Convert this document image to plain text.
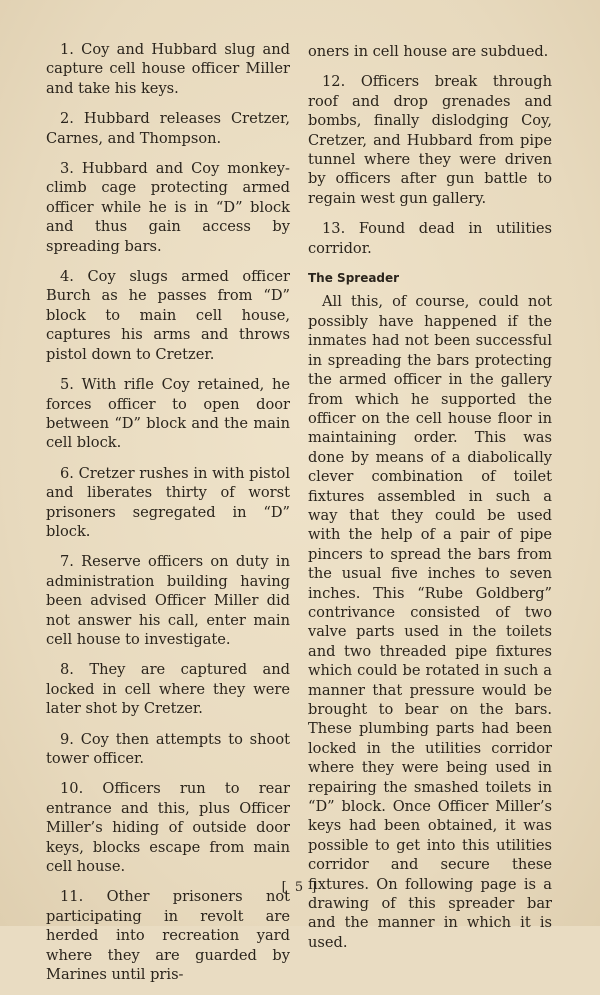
1. Coy and Hubbard slug and capture cell house officer Miller and take his keys.

2. Hubbard releases Cretzer, Carnes, and Thompson.

3. Hubbard and Coy monkey-climb cage protecting armed officer while he is in “D” block and thus gain access by spreading bars.

4. Coy slugs armed officer Burch as he passes from “D” block to main cell house, captures his arms and throws pistol down to Cretzer.

5. With rifle Coy retained, he forces officer to open door between “D” block and the main cell block.

6. Cretzer rushes in with pistol and liberates thirty of worst prisoners segregated in “D” block.

7. Reserve officers on duty in administration building having been advised Officer Miller did not answer his call, enter main cell house to investigate.

8. They are captured and locked in cell where they were later shot by Cretzer.

9. Coy then attempts to shoot tower officer.

10. Officers run to rear entrance and this, plus Officer Miller’s hiding of outside door keys, blocks escape from main cell house.

11. Other prisoners not participating in revolt are herded into recreation yard where they are guarded by Marines until pris-

oners in cell house are subdued.

12. Officers break through roof and drop grenades and bombs, finally dislodging Coy, Cretzer, and Hubbard from pipe tunnel where they were driven by officers after gun battle to regain west gun gallery.

13. Found dead in utilities corridor.

The Spreader

All this, of course, could not possibly have happened if the inmates had not been successful in spreading the bars protecting the armed officer in the gallery from which he supported the officer on the cell house floor in maintaining order. This was done by means of a diabolically clever combination of toilet fixtures assembled in such a way that they could be used with the help of a pair of pipe pincers to spread the bars from the usual five inches to seven inches. This “Rube Goldberg” contrivance consisted of two valve parts used in the toilets and two threaded pipe fixtures which could be rotated in such a manner that pressure would be brought to bear on the bars. These plumbing parts had been locked in the utilities corridor where they were being used in repairing the smashed toilets in “D” block. Once Officer Miller’s keys had been obtained, it was possible to get into this utilities corridor and secure these fixtures. On following page is a drawing of this spreader bar and the manner in which it is used.

[ 5 ]
